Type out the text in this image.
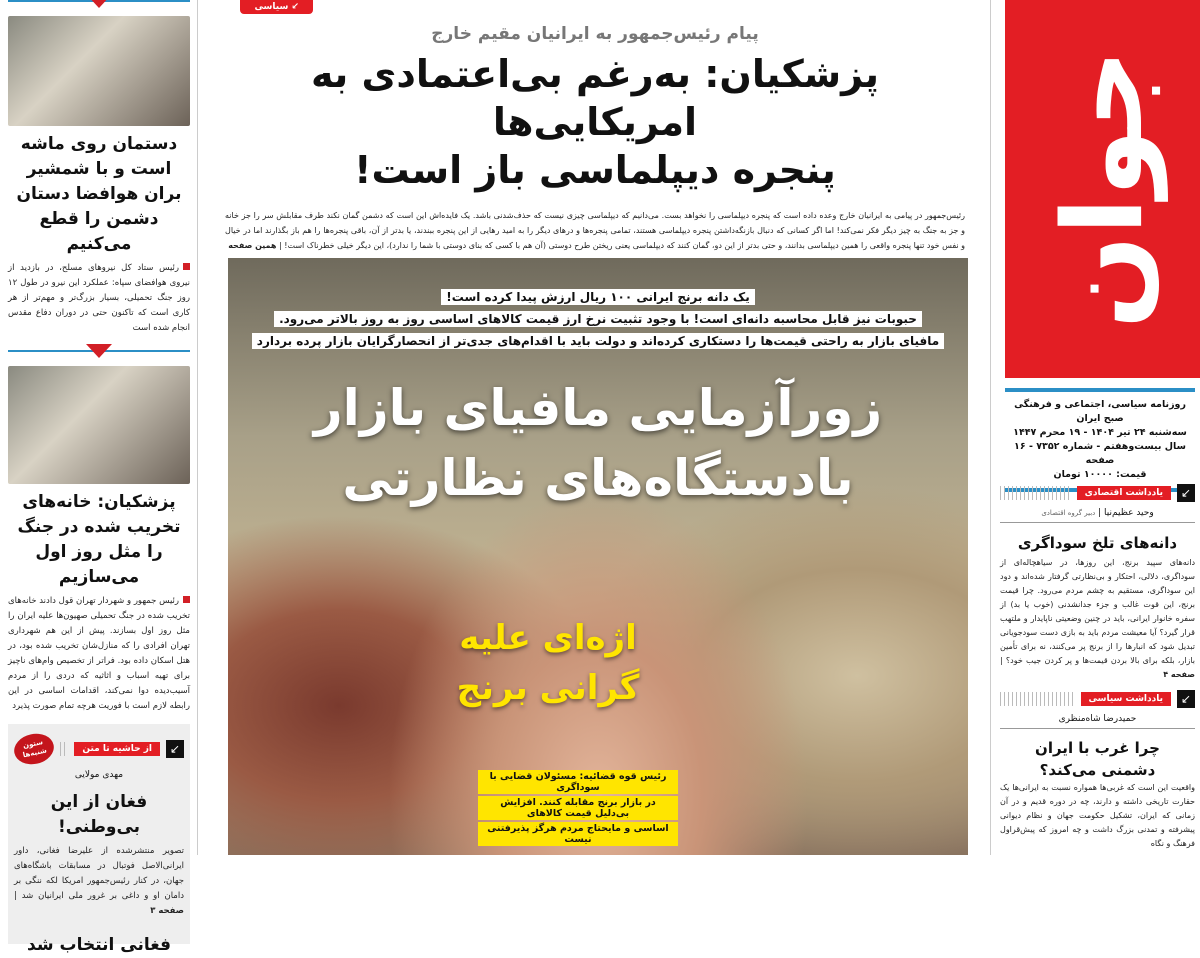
دستمان روی ماشه است و با شمشیر بران هوافضا دستان دشمن را قطع می‌کنیم

رئیس ستاد کل نیروهای مسلح، در بازدید از نیروی هوافضای سپاه: عملکرد این نیرو در طول ۱۲ روز جنگ تحمیلی، بسیار بزرگ‌تر و مهم‌تر از هر کاری است که تاکنون حتی در دوران دفاع مقدس انجام شده است

پزشکیان: خانه‌های تخریب شده در جنگ را مثل روز اول می‌سازیم

رئیس جمهور و شهردار تهران قول دادند خانه‌های تخریب شده در جنگ تحمیلی صهیون‌ها علیه ایران را مثل روز اول بسازند. پیش از این هم شهرداری تهران افرادی را که منازل‌شان تخریب شده بود، در هتل اسکان داده بود. فراتر از تخصیص وام‌های ناچیز برای تهیه اسباب و اثاثیه که دردی را از مردم آسیب‌دیده دوا نمی‌کند، اقدامات اساسی در این رابطه لازم است با فوریت هرچه تمام صورت پذیرد

↙
از حاشیه تا متن
ستون شنبه‌ها
مهدی مولایی
فغان از این بی‌وطنی!

تصویر منتشرشده از علیرضا فغانی، داور ایرانی‌الاصل فوتبال در مسابقات باشگاه‌های جهان، در کنار رئیس‌جمهور امریکا لکه ننگی بر دامان او و داغی بر غرور ملی ایرانیان شد | صفحه ۳

فغانی انتخاب شد
↙ سیاسی
پیام رئیس‌جمهور به ایرانیان مقیم خارج
پزشکیان: به‌رغم بی‌اعتمادی به امریکایی‌ها
پنجره دیپلماسی باز است!

رئیس‌جمهور در پیامی به ایرانیان خارج وعده داده است که پنجره دیپلماسی را نخواهد بست. می‌دانیم که دیپلماسی چیزی نیست که حذف‌شدنی باشد. یک فایده‌اش این است که دشمن گمان نکند طرف مقابلش سر را جز خانه و جز به جنگ به چیز دیگر فکر نمی‌کند! اما اگر کسانی که دنبال بازنگه‌داشتن پنجره دیپلماسی هستند، تمامی پنجره‌ها و درهای دیگر را به امید رهایی از این پنجره ببندند، یا بدتر از آن، باقی پنجره‌ها را هم باز بگذارند اما در خیال و نفس خود تنها پنجره واقعی را همین دیپلماسی بدانند، و حتی بدتر از این دو، گمان کنند که دیپلماسی یعنی ریختن طرح دوستی (آن هم با کسی که بنای دوستی با شما را ندارد)، این دیگر خیلی خطرناک است! | همین صفحه

یک دانه برنج ایرانی ۱۰۰ ریال ارزش پیدا کرده است!
حبوبات نیز قابل محاسبه دانه‌ای است! با وجود تثبیت نرخ ارز قیمت کالاهای اساسی روز به روز بالاتر می‌رود.
مافیای بازار به راحتی قیمت‌ها را دستکاری کرده‌اند و دولت باید با اقدام‌های جدی‌تر از انحصارگرایان بازار پرده بردارد
زورآزمایی مافیای بازار
بادستگاه‌های نظارتی
اژه‌ای علیه
گرانی برنج
رئیس قوه قضائیه: مسئولان قضایی با سوداگری
در بازار برنج مقابله کنند. افزایش بی‌دلیل قیمت کالاهای
اساسی و مایحتاج مردم هرگز پذیرفتنی نیست
جوان
روزنامه سیاسی، اجتماعی و فرهنگی صبح ایران
سه‌شنبه ۲۴ تیر ۱۴۰۴ - ۱۹ محرم ۱۴۴۷
سال بیست‌وهفتم - شماره ۷۳۵۲ - ۱۶ صفحه
قیمت: ۱۰۰۰۰ تومان
↙
یادداشت اقتصادی
وحید عظیم‌نیا | دبیر گروه اقتصادی
دانه‌های تلخ سوداگری

دانه‌های سپید برنج، این روزها، در سیاهچاله‌ای از سوداگری، دلالی، احتکار و بی‌نظارتی گرفتار شده‌اند و دود این سوداگری، مستقیم به چشم مردم می‌رود. چرا قیمت برنج، این قوت غالب و جزء جدانشدنی (خوب یا بد) از سفره خانوار ایرانی، باید در چنین وضعیتی ناپایدار و ملتهب قرار گیرد؟ آیا معیشت مردم باید به بازی دست سودجویانی تبدیل شود که انبارها را از برنج پر می‌کنند، نه برای تأمین بازار، بلکه برای بالا بردن قیمت‌ها و پر کردن جیب خود؟ | صفحه ۴

↙
یادداشت سیاسی
حمیدرضا شاه‌منظری
چرا غرب با ایران
دشمنی می‌کند؟

واقعیت این است که غربی‌ها همواره نسبت به ایرانی‌ها یک حقارت تاریخی داشته و دارند، چه در دوره قدیم و در آن زمانی که ایران، تشکیل حکومت جهان و نظام دیوانی پیشرفته و تمدنی بزرگ داشت و چه امروز که پیش‌قراول فرهنگ و نگاه
